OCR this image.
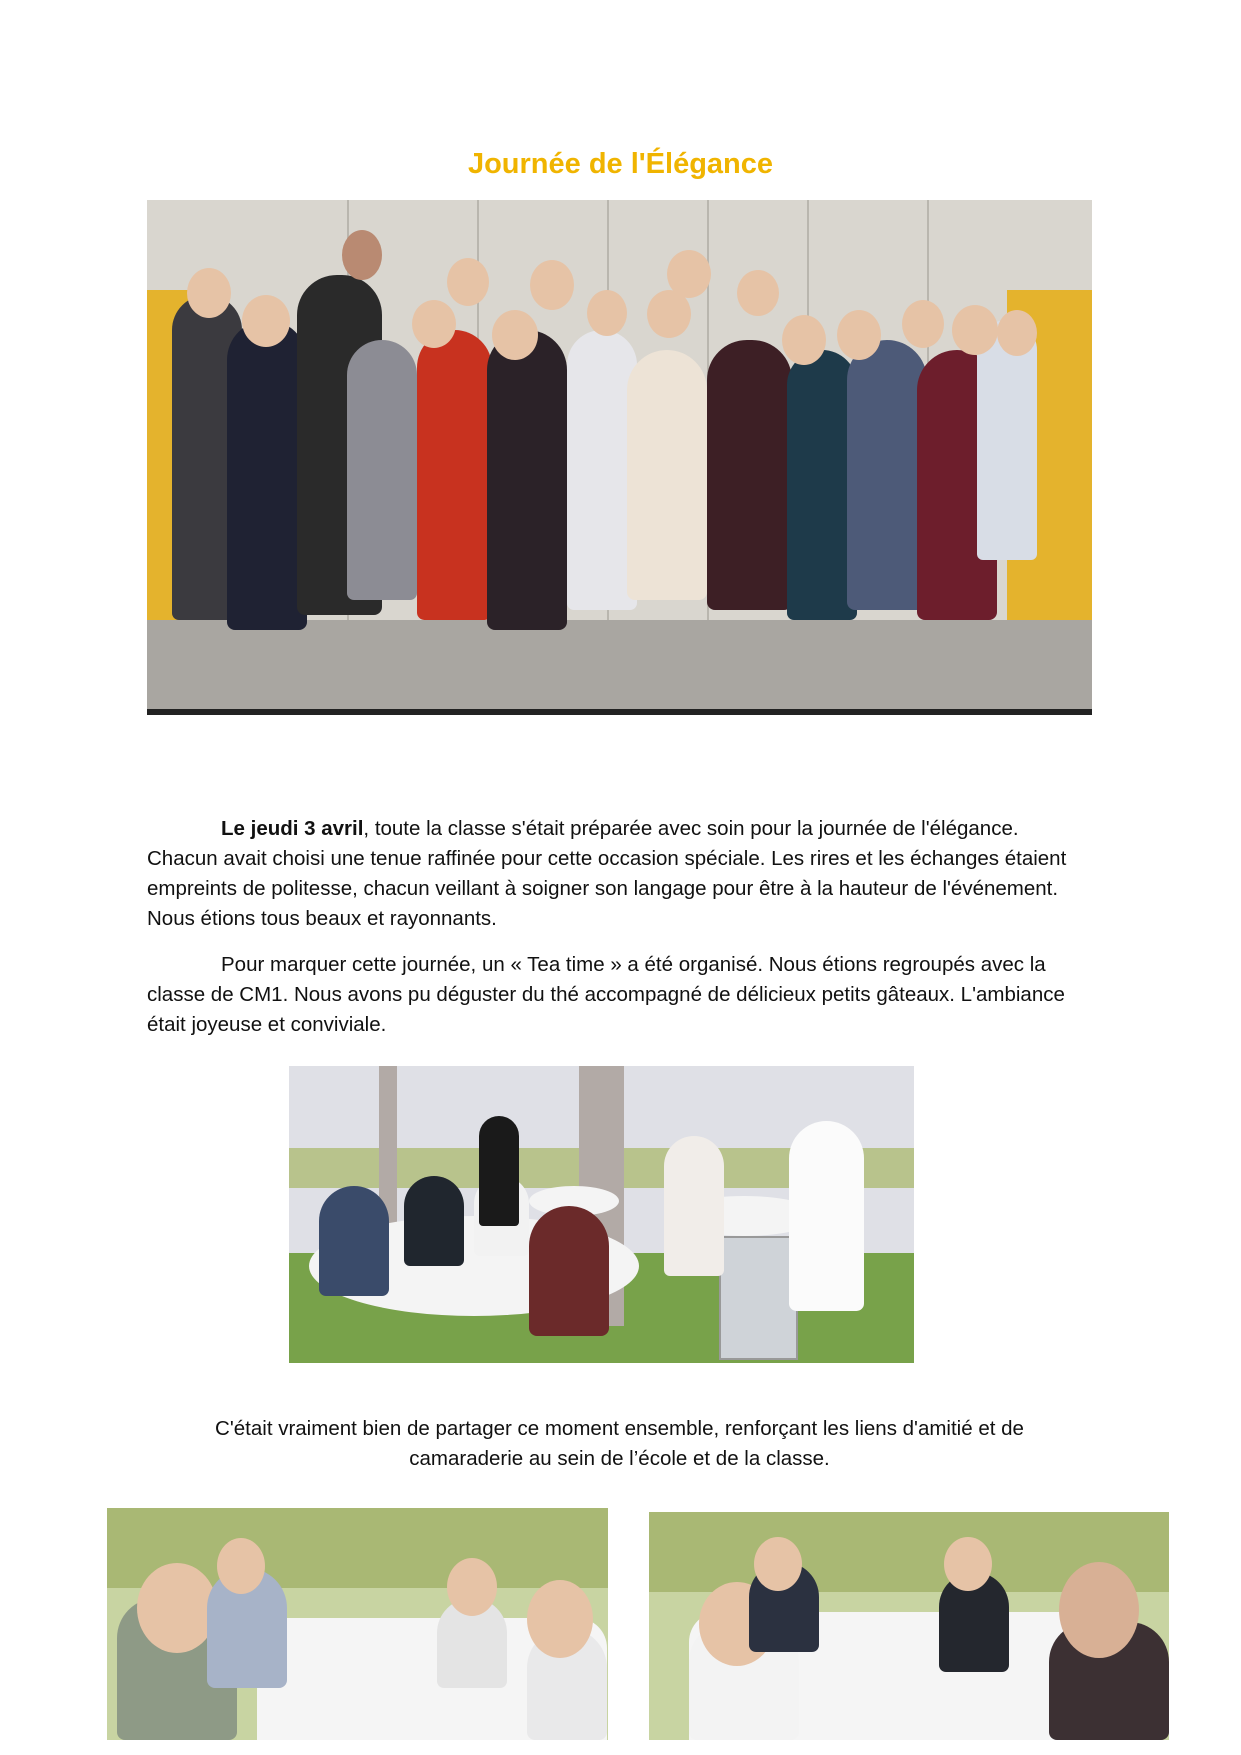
Journée de l'Élégance

Le jeudi 3 avril, toute la classe s'était préparée avec soin pour la journée de l'élégance. Chacun avait choisi une tenue raffinée pour cette occasion spéciale. Les rires et les échanges étaient empreints de politesse, chacun veillant à soigner son langage pour être à la hauteur de l'événement. Nous étions tous beaux et rayonnants.

Pour marquer cette journée, un « Tea time » a été organisé. Nous étions regroupés avec la classe de CM1. Nous avons pu déguster du thé accompagné de délicieux petits gâteaux. L'ambiance était joyeuse et conviviale.

C'était vraiment bien de partager ce moment ensemble, renforçant les liens d'amitié et de
camaraderie au sein de l’école et de la classe.
